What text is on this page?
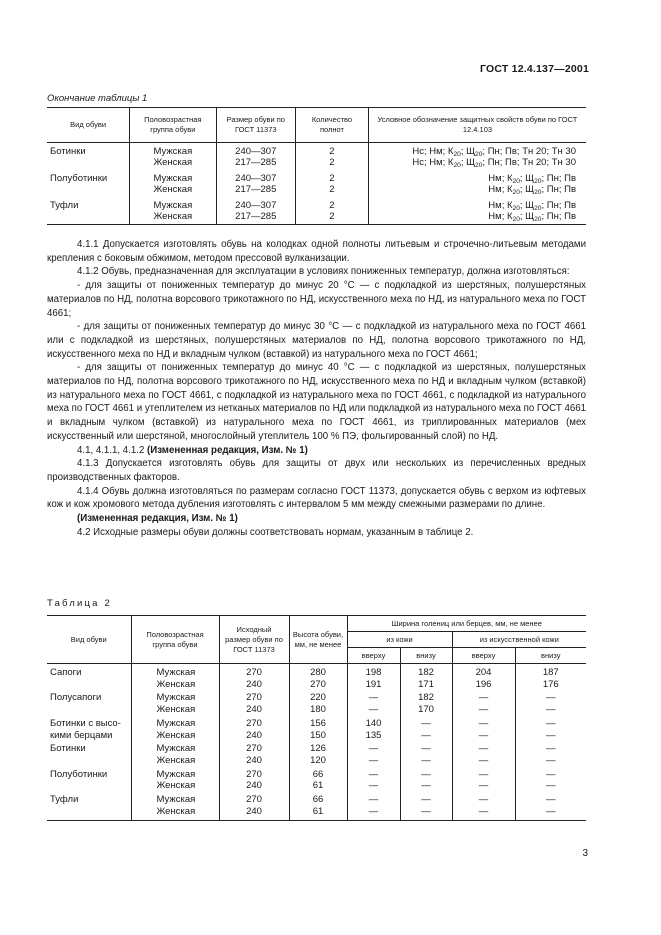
ГОСТ 12.4.137—2001
Окончание таблицы 1
Вид обуви	Половозрастная группа обуви	Размер обуви по ГОСТ 11373	Количество полнот	Условное обозначение защитных свойств обуви по ГОСТ 12.4.103
Ботинки	Мужская	240—307	2	Нс; Нм; $К_{20}$; $Щ_{20}$; Пн; Пв; Тн 20; Тн 30
	Женская	217—285	2	Нс; Нм; $К_{20}$; $Щ_{20}$; Пн; Пв; Тн 20; Тн 30
Полуботинки	Мужская	240—307	2	Нм; $К_{20}$; $Щ_{20}$; Пн; Пв
	Женская	217—285	2	Нм; $К_{20}$; $Щ_{20}$; Пн; Пв
Туфли	Мужская	240—307	2	Нм; $К_{20}$; $Щ_{20}$; Пн; Пв
	Женская	217—285	2	Нм; $К_{20}$; $Щ_{20}$; Пн; Пв

4.1.1 Допускается изготовлять обувь на колодках одной полноты литьевым и строчечно-литьевым методами крепления с боковым обжимом, методом прессовой вулканизации.

4.1.2 Обувь, предназначенная для эксплуатации в условиях пониженных температур, должна изготовляться:

- для защиты от пониженных температур до минус 20 °С — с подкладкой из шерстяных, полушерстяных материалов по НД, полотна ворсового трикотажного по НД, искусственного меха по НД, из натурального меха по ГОСТ 4661;

- для защиты от пониженных температур до минус 30 °С — с подкладкой из натурального меха по ГОСТ 4661 или с подкладкой из шерстяных, полушерстяных материалов по НД, полотна ворсового трикотажного по НД, искусственного меха по НД и вкладным чулком (вставкой) из натурального меха по ГОСТ 4661;

- для защиты от пониженных температур до минус 40 °С — с подкладкой из шерстяных, полушерстяных материалов по НД, полотна ворсового трикотажного по НД, искусственного меха по НД и вкладным чулком (вставкой) из натурального меха по ГОСТ 4661, с подкладкой из натурального меха по ГОСТ 4661, с подкладкой из натурального меха по ГОСТ 4661 и утеплителем из нетканых материалов по НД или подкладкой из натурального меха по ГОСТ 4661 и вкладным чулком (вставкой) из натурального меха по ГОСТ 4661, из триплированных материалов (мех искусственный или шерстяной, многослойный утеплитель 100 % ПЭ, фольгированный слой) по НД.

4.1, 4.1.1, 4.1.2 (Измененная редакция, Изм. № 1)

4.1.3 Допускается изготовлять обувь для защиты от двух или нескольких из перечисленных вредных производственных факторов.

4.1.4 Обувь должна изготовляться по размерам согласно ГОСТ 11373, допускается обувь с верхом из юфтевых кож и кож хромового метода дубления изготовлять с интервалом 5 мм между смежными размерами по длине.

(Измененная редакция, Изм. № 1)

4.2 Исходные размеры обуви должны соответствовать нормам, указанным в таблице 2.

Таблица 2
Вид обуви	Половозрастная группа обуви	Исходный размер обуви по ГОСТ 11373	Высота обуви, мм, не менее	Ширина голениц или берцев, мм, не менее			
				из кожи		из искусственной кожи	
				вверху	внизу	вверху	внизу
Сапоги	Мужская	270	280	198	182	204	187
	Женская	240	270	191	171	196	176
Полусапоги	Мужская	270	220	—	182	—	—
	Женская	240	180	—	170	—	—
Ботинки с высо-	Мужская	270	156	140	—	—	—
кими берцами	Женская	240	150	135	—	—	—
Ботинки	Мужская	270	126	—	—	—	—
	Женская	240	120	—	—	—	—
Полуботинки	Мужская	270	66	—	—	—	—
	Женская	240	61	—	—	—	—
Туфли	Мужская	270	66	—	—	—	—
	Женская	240	61	—	—	—	—
3
